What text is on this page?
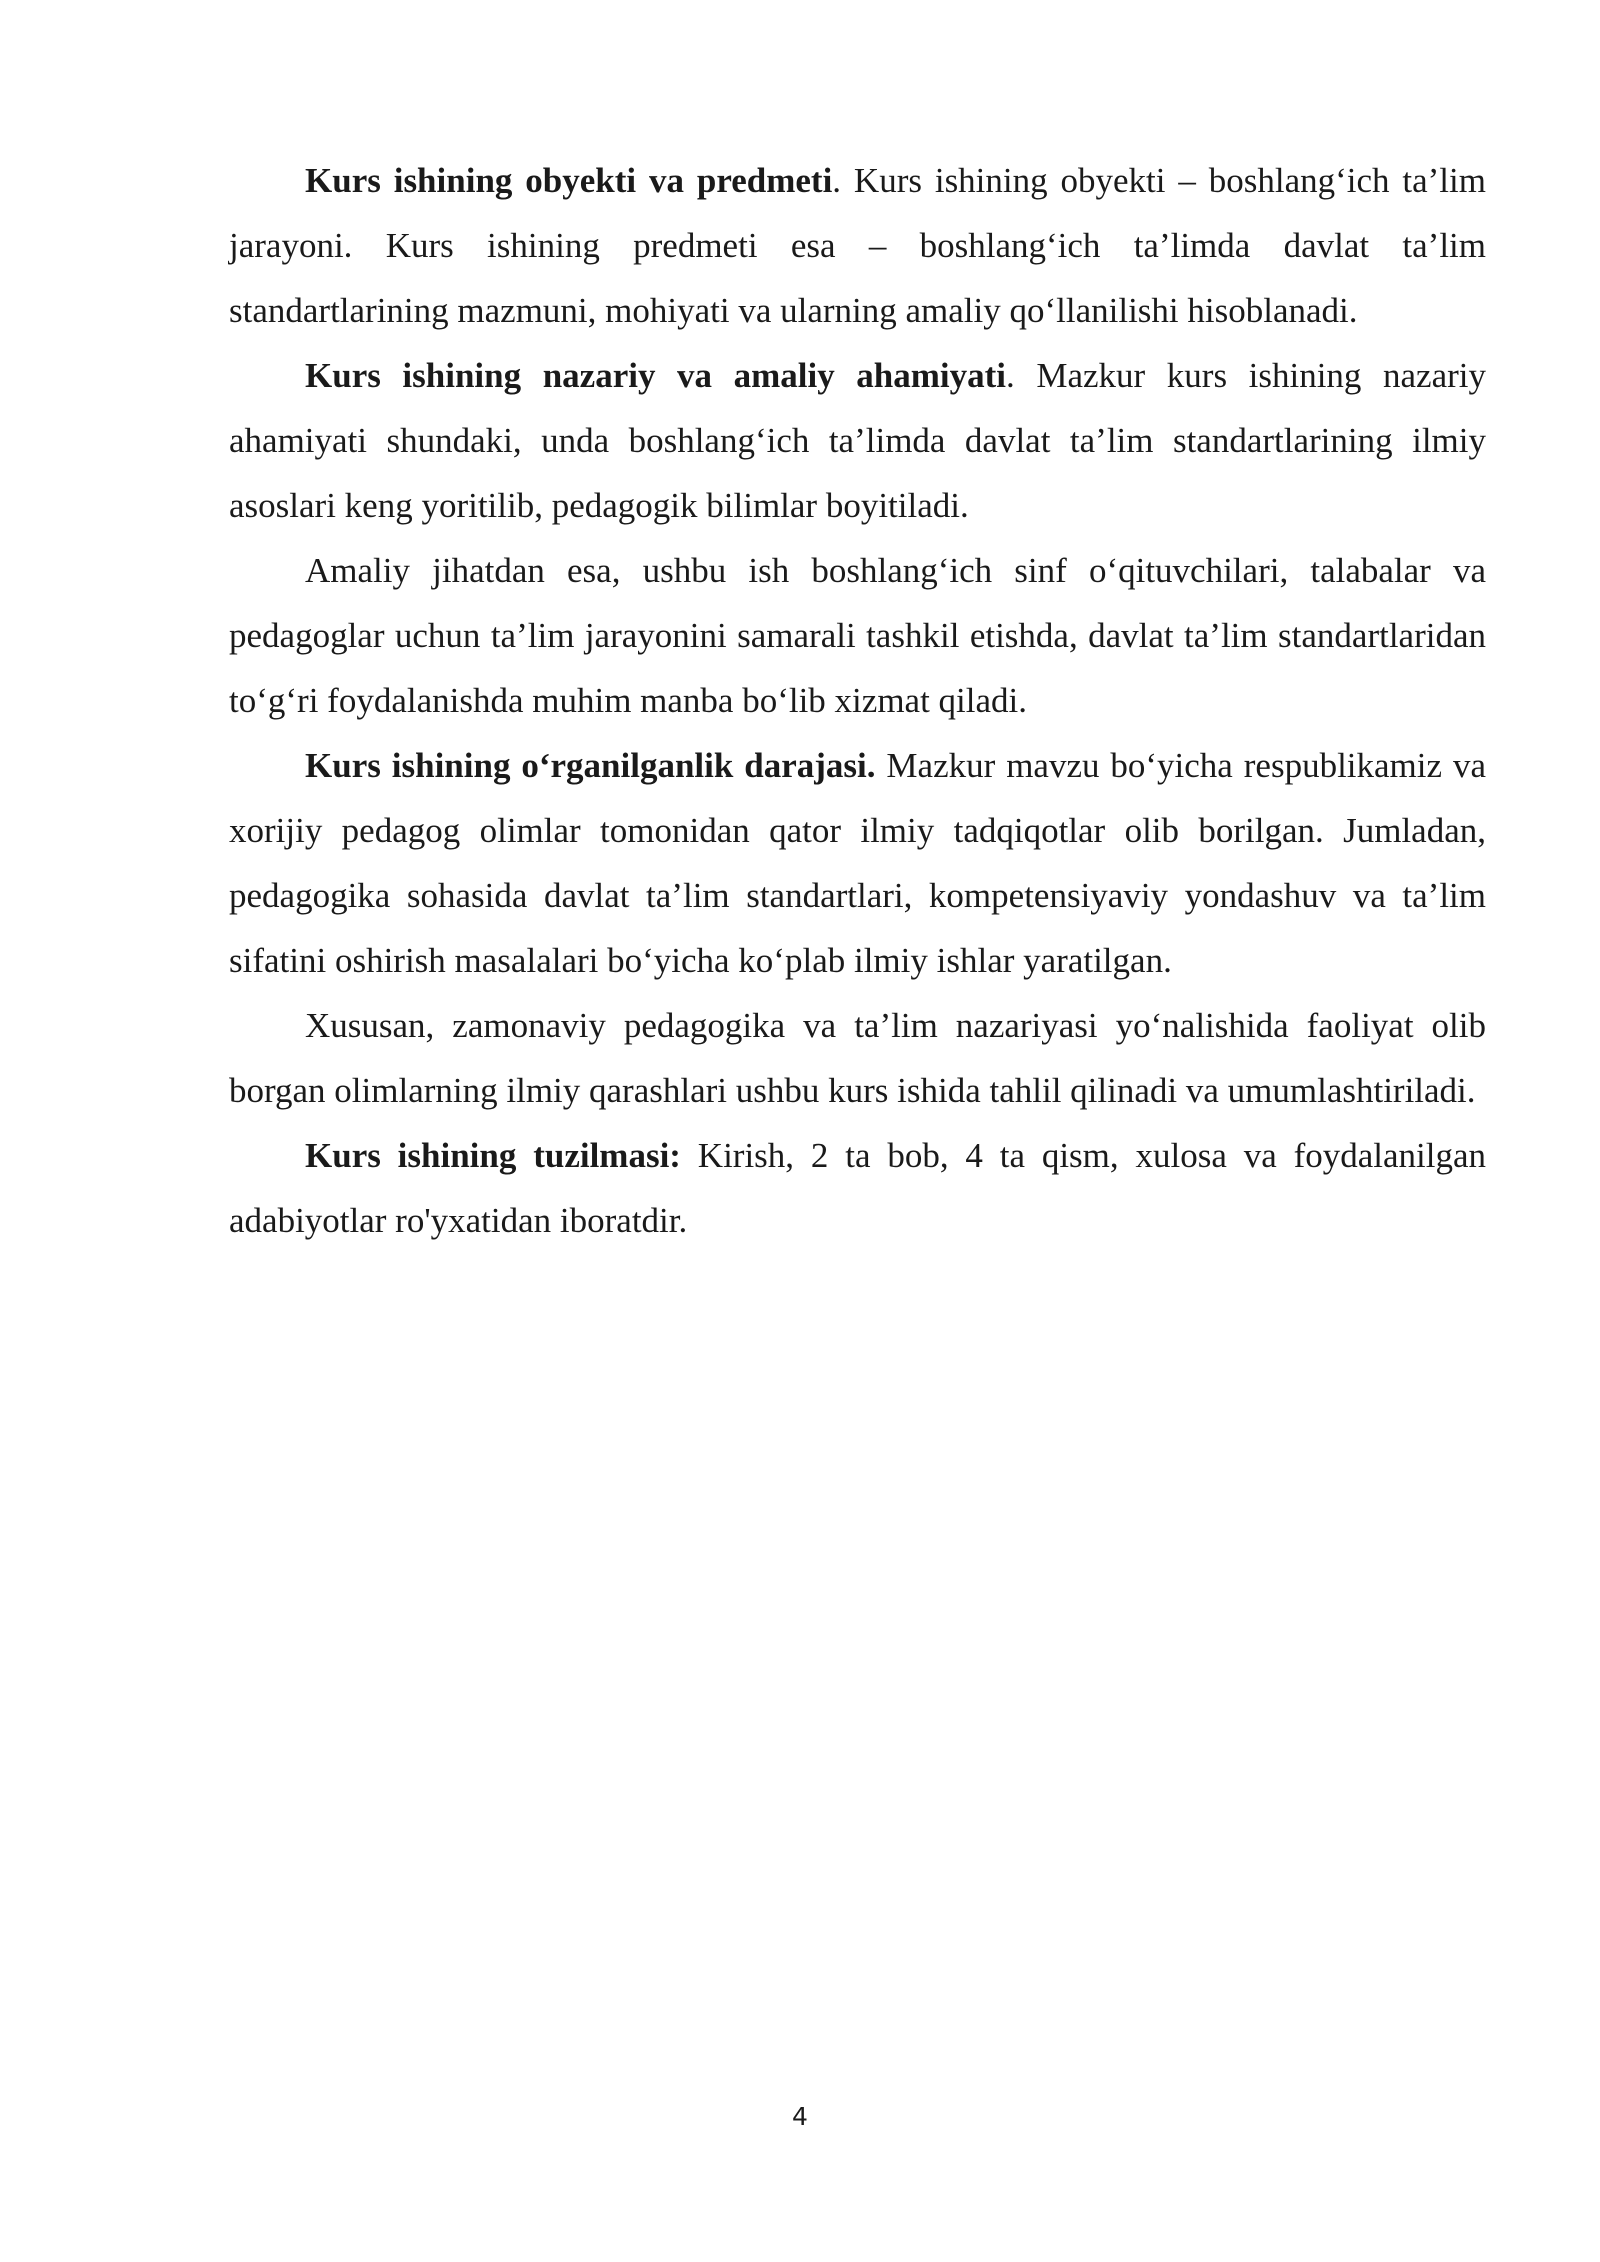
Kurs ishining obyekti va predmeti. Kurs ishining obyekti – boshlang‘ich ta’lim jarayoni. Kurs ishining predmeti esa – boshlang‘ich ta’limda davlat ta’lim standartlarining mazmuni, mohiyati va ularning amaliy qo‘llanilishi hisoblanadi.

Kurs ishining nazariy va amaliy ahamiyati. Mazkur kurs ishining nazariy ahamiyati shundaki, unda boshlang‘ich ta’limda davlat ta’lim standartlarining ilmiy asoslari keng yoritilib, pedagogik bilimlar boyitiladi.

Amaliy jihatdan esa, ushbu ish boshlang‘ich sinf o‘qituvchilari, talabalar va pedagoglar uchun ta’lim jarayonini samarali tashkil etishda, davlat ta’lim standartlaridan to‘g‘ri foydalanishda muhim manba bo‘lib xizmat qiladi.

Kurs ishining o‘rganilganlik darajasi. Mazkur mavzu bo‘yicha respublikamiz va xorijiy pedagog olimlar tomonidan qator ilmiy tadqiqotlar olib borilgan. Jumladan, pedagogika sohasida davlat ta’lim standartlari, kompetensiyaviy yondashuv va ta’lim sifatini oshirish masalalari bo‘yicha ko‘plab ilmiy ishlar yaratilgan.

Xususan, zamonaviy pedagogika va ta’lim nazariyasi yo‘nalishida faoliyat olib borgan olimlarning ilmiy qarashlari ushbu kurs ishida tahlil qilinadi va umumlashtiriladi.

Kurs ishining tuzilmasi: Kirish, 2 ta bob, 4 ta qism, xulosa va foydalanilgan adabiyotlar ro'yxatidan iboratdir.

4
